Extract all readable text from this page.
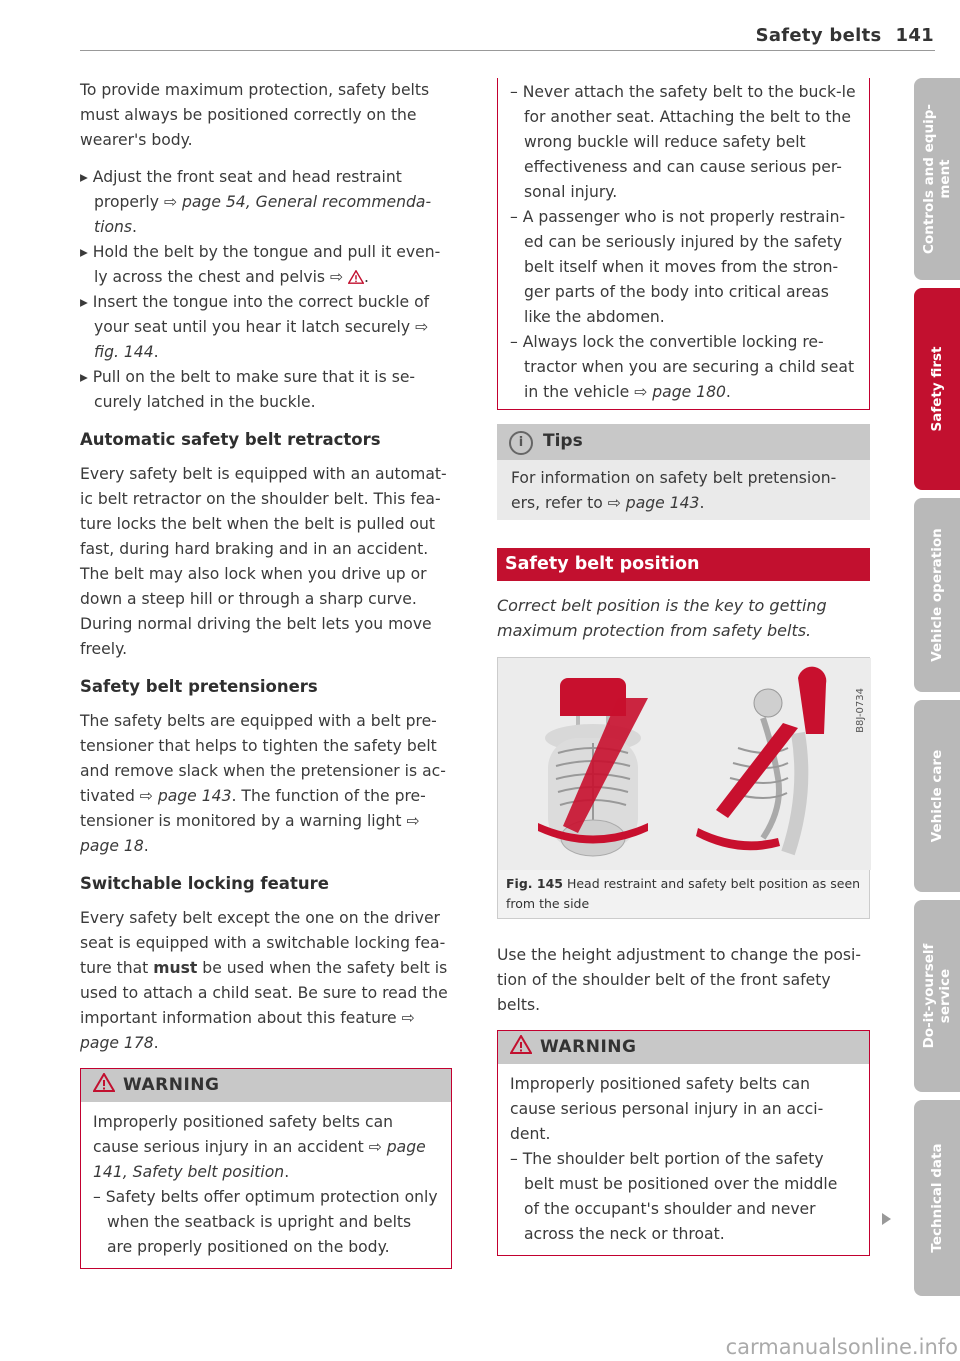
Safety belts 141

To provide maximum protection, safety belts must always be positioned correctly on the wearer's body.

▸ Adjust the front seat and head restraint properly ⇨ page 54, General recommenda-tions.
▸ Hold the belt by the tongue and pull it even-ly across the chest and pelvis ⇨ .
▸ Insert the tongue into the correct buckle of your seat until you hear it latch securely ⇨ fig. 144.
▸ Pull on the belt to make sure that it is se-curely latched in the buckle.
Automatic safety belt retractors

Every safety belt is equipped with an automat-ic belt retractor on the shoulder belt. This fea-ture locks the belt when the belt is pulled out fast, during hard braking and in an accident. The belt may also lock when you drive up or down a steep hill or through a sharp curve. During normal driving the belt lets you move freely.

Safety belt pretensioners

The safety belts are equipped with a belt pre-tensioner that helps to tighten the safety belt and remove slack when the pretensioner is ac-tivated ⇨ page 143. The function of the pre-tensioner is monitored by a warning light ⇨ page 18.

Switchable locking feature

Every safety belt except the one on the driver seat is equipped with a switchable locking fea-ture that must be used when the safety belt is used to attach a child seat. Be sure to read the important information about this feature ⇨ page 178.

WARNING
Improperly positioned safety belts can cause serious injury in an accident ⇨ page 141, Safety belt position.
– Safety belts offer optimum protection only when the seatback is upright and belts are properly positioned on the body.
– Never attach the safety belt to the buck-le for another seat. Attaching the belt to the wrong buckle will reduce safety belt effectiveness and can cause serious per-sonal injury.
– A passenger who is not properly restrain-ed can be seriously injured by the safety belt itself when it moves from the stron-ger parts of the body into critical areas like the abdomen.
– Always lock the convertible locking re-tractor when you are securing a child seat in the vehicle ⇨ page 180.
i Tips
For information on safety belt pretension-ers, refer to ⇨ page 143.
Safety belt position
Correct belt position is the key to getting maximum protection from safety belts.
B8J-0734
Fig. 145 Head restraint and safety belt position as seen from the side

Use the height adjustment to change the posi-tion of the shoulder belt of the front safety belts.

WARNING
Improperly positioned safety belts can cause serious personal injury in an acci-dent.
– The shoulder belt portion of the safety belt must be positioned over the middle of the occupant's shoulder and never across the neck or throat.
Controls and equip-
ment
Safety first
Vehicle operation
Vehicle care
Do-it-yourself
service
Technical data
carmanualsonline.info
